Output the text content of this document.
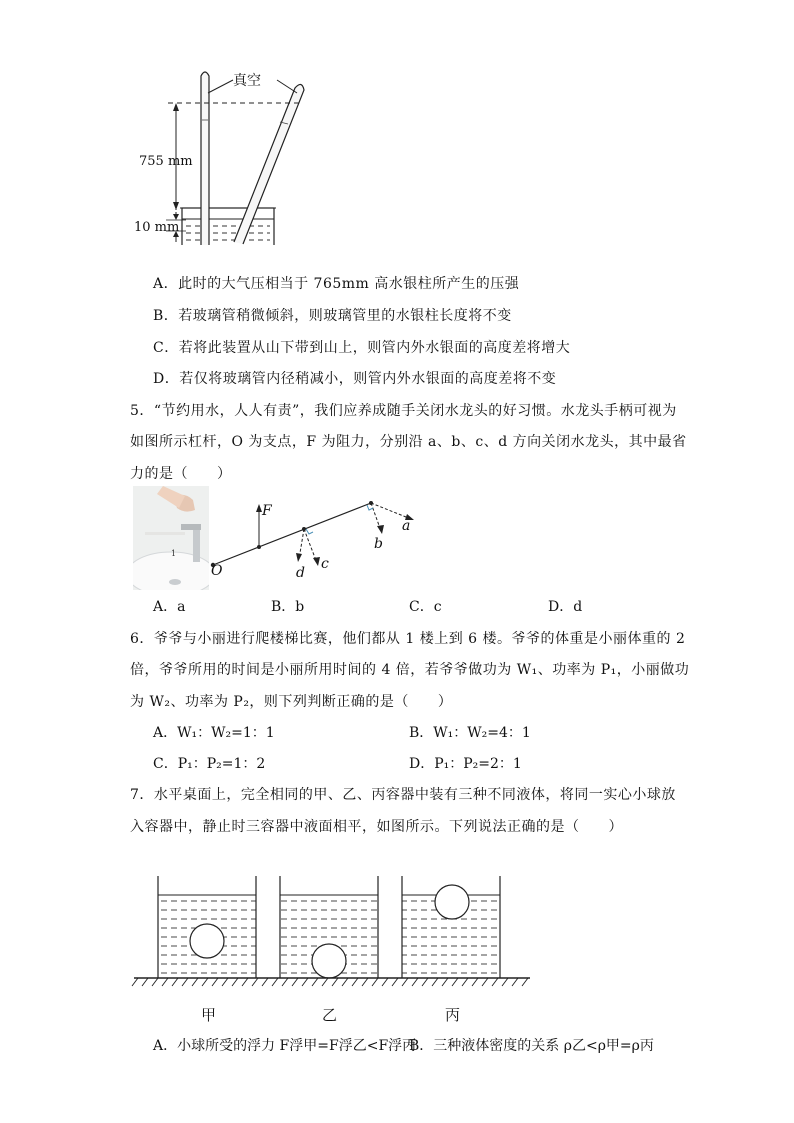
真空
755 mm
10 mm
A．此时的大气压相当于 765mm 高水银柱所产生的压强
B．若玻璃管稍微倾斜，则玻璃管里的水银柱长度将不变
C．若将此装置从山下带到山上，则管内外水银面的高度差将增大
D．若仅将玻璃管内径稍减小，则管内外水银面的高度差将不变
5．“节约用水，人人有责”，我们应养成随手关闭水龙头的好习惯。水龙头手柄可视为
如图所示杠杆，O 为支点，F 为阻力，分别沿 a、b、c、d 方向关闭水龙头，其中最省
力的是（　　）
1
O
F
a
b
c
d
A．a	B．b	C．c	D．d
6．爷爷与小丽进行爬楼梯比赛，他们都从 1 楼上到 6 楼。爷爷的体重是小丽体重的 2
倍，爷爷所用的时间是小丽所用时间的 4 倍，若爷爷做功为 W₁、功率为 P₁，小丽做功
为 W₂、功率为 P₂，则下列判断正确的是（　　）
A．W₁：W₂=1：1	B．W₁：W₂=4：1
C．P₁：P₂=1：2	D．P₁：P₂=2：1
7．水平桌面上，完全相同的甲、乙、丙容器中装有三种不同液体，将同一实心小球放
入容器中，静止时三容器中液面相平，如图所示。下列说法正确的是（　　）
甲	乙	丙
A．小球所受的浮力 F浮甲=F浮乙<F浮丙
B．三种液体密度的关系 ρ乙<ρ甲=ρ丙
